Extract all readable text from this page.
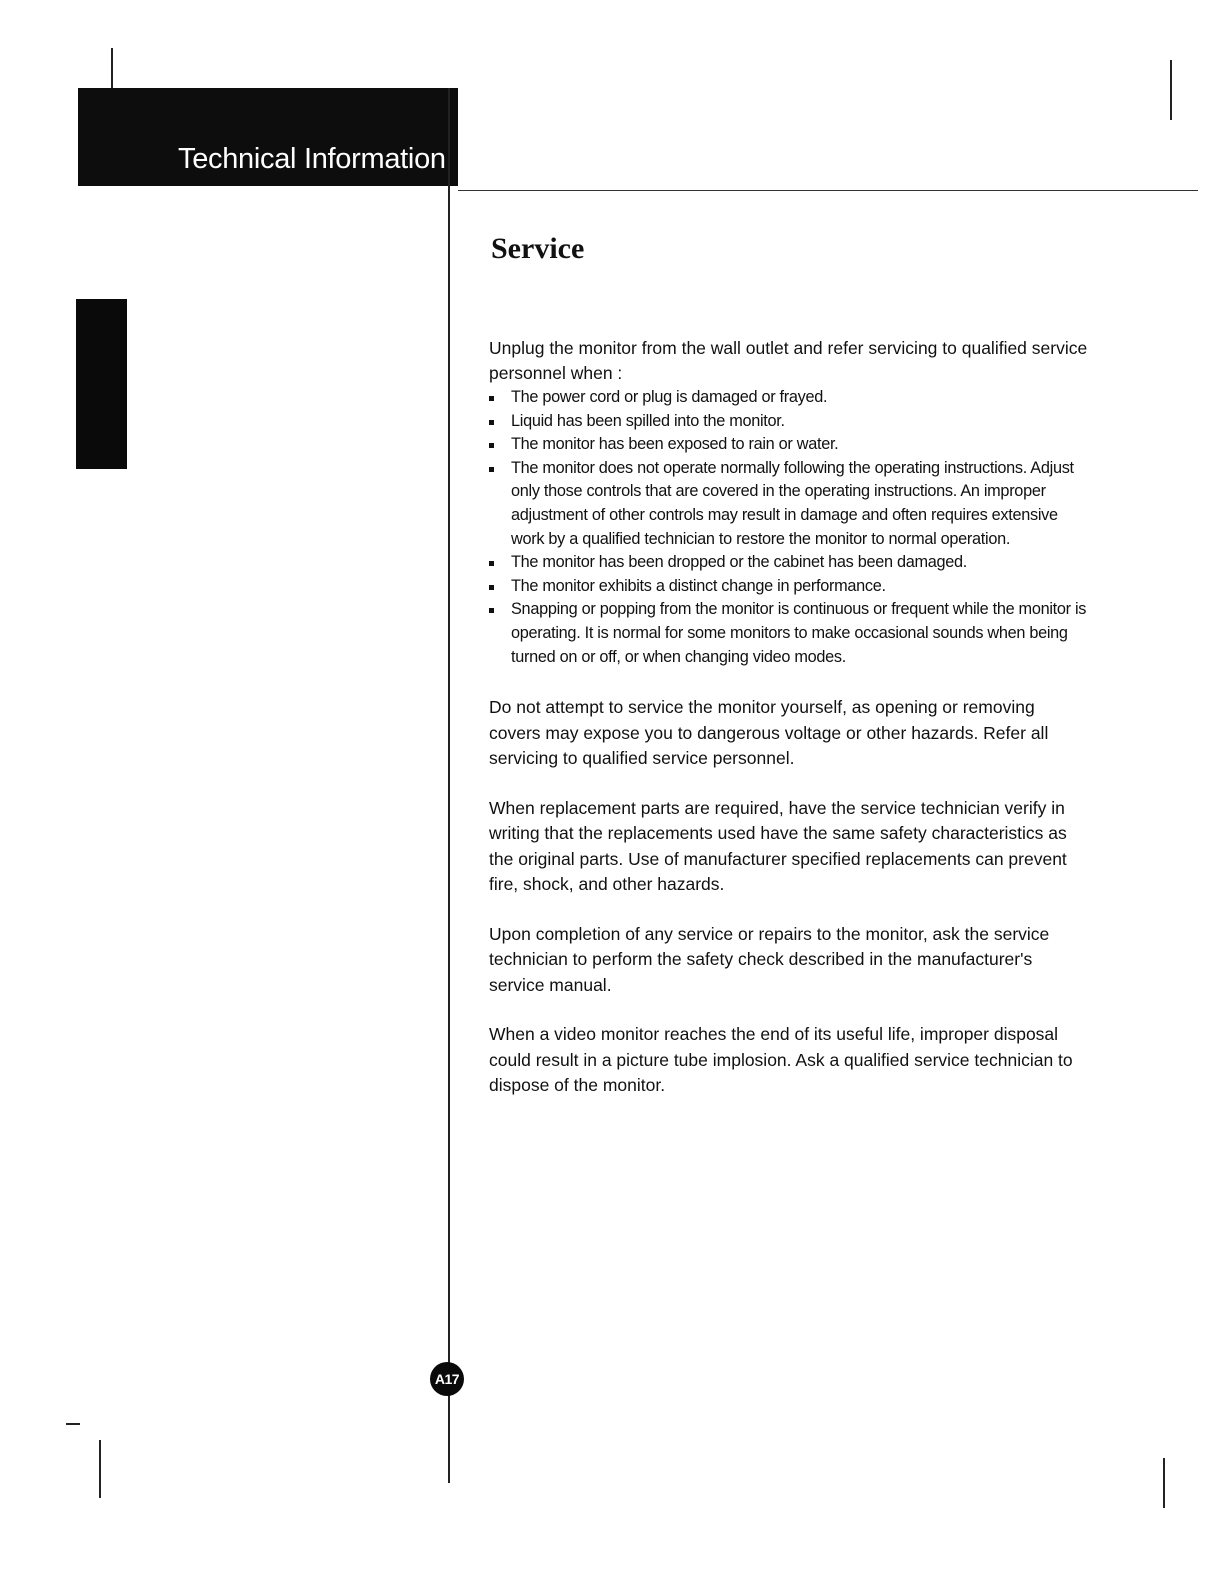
Technical Information
Service

Unplug the monitor from the wall outlet and refer servicing to qualified service personnel when :

The power cord or plug is damaged or frayed.
Liquid has been spilled into the monitor.
The monitor has been exposed to rain or water.
The monitor does not operate normally following the operating instructions. Adjust only those controls that are covered in the operating instructions. An improper adjustment of other controls may result in damage and often requires extensive work by a qualified technician to restore the monitor to normal operation.
The monitor has been dropped or the cabinet has been damaged.
The monitor exhibits a distinct change in performance.
Snapping or popping from the monitor is continuous or frequent while the monitor is operating. It is normal for some monitors to make occasional sounds when being turned on or off, or when changing video modes.

Do not attempt to service the monitor yourself, as opening or removing covers may expose you to dangerous voltage or other hazards. Refer all servicing to qualified service personnel.

When replacement parts are required, have the service technician verify in writing that the replacements used have the same safety characteristics as the original parts. Use of manufacturer specified replacements can prevent fire, shock, and other hazards.

Upon completion of any service or repairs to the monitor, ask the service technician to perform the safety check described in the manufacturer's service manual.

When a video monitor reaches the end of its useful life, improper disposal could result in a picture tube implosion. Ask a qualified service technician to dispose of the monitor.

A17
